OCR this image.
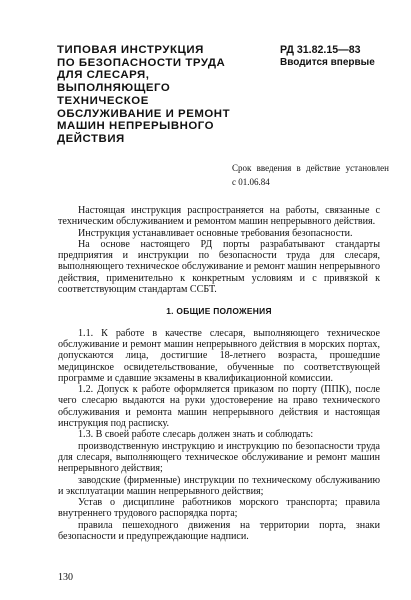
ТИПОВАЯ ИНСТРУКЦИЯ
ПО БЕЗОПАСНОСТИ ТРУДА
ДЛЯ СЛЕСАРЯ,
ВЫПОЛНЯЮЩЕГО
ТЕХНИЧЕСКОЕ
ОБСЛУЖИВАНИЕ И РЕМОНТ
МАШИН НЕПРЕРЫВНОГО
ДЕЙСТВИЯ
РД 31.82.15—83
Вводится впервые
Срок введения в действие установлен
с 01.06.84

Настоящая инструкция распространяется на работы, связанные с техническим обслуживанием и ремонтом машин непрерывного действия.

Инструкция устанавливает основные требования безопасности.

На основе настоящего РД порты разрабатывают стандарты предприятия и инструкции по безопасности труда для слесаря, выполняющего техническое обслуживание и ремонт машин непрерывного действия, применительно к конкретным условиям и с привязкой к соответствующим стандартам ССБТ.

1. ОБЩИЕ ПОЛОЖЕНИЯ

1.1. К работе в качестве слесаря, выполняющего техническое обслуживание и ремонт машин непрерывного действия в морских портах, допускаются лица, достигшие 18-летнего возраста, прошедшие медицинское освидетельствование, обученные по соответствующей программе и сдавшие экзамены в квалификационной комиссии.

1.2. Допуск к работе оформляется приказом по порту (ППК), после чего слесарю выдаются на руки удостоверение на право технического обслуживания и ремонта машин непрерывного действия и настоящая инструкция под расписку.

1.3. В своей работе слесарь должен знать и соблюдать:

производственную инструкцию и инструкцию по безопасности труда для слесаря, выполняющего техническое обслуживание и ремонт машин непрерывного действия;

заводские (фирменные) инструкции по техническому обслуживанию и эксплуатации машин непрерывного действия;

Устав о дисциплине работников морского транспорта; правила внутреннего трудового распорядка порта;

правила пешеходного движения на территории порта, знаки безопасности и предупреждающие надписи.

130
